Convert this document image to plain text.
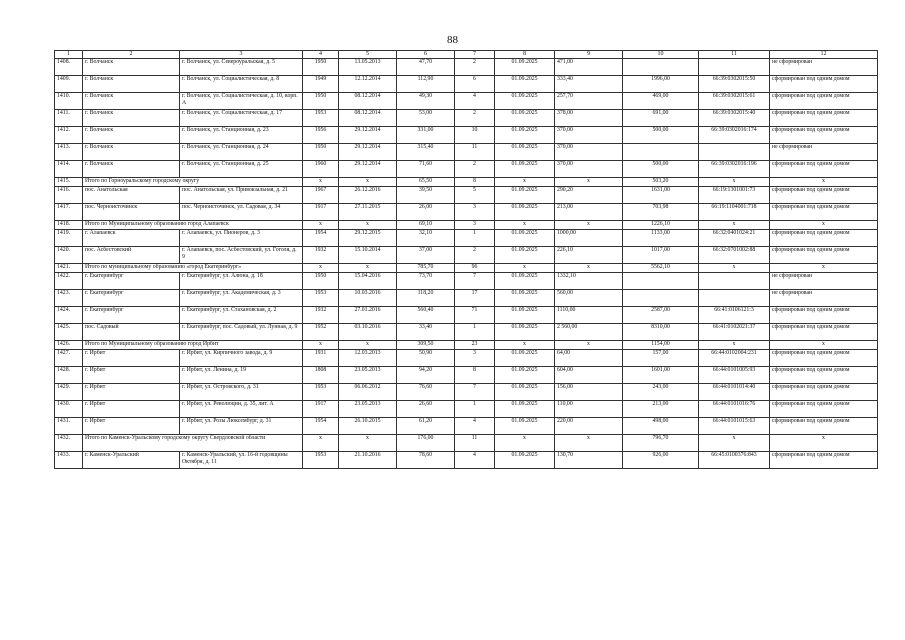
88
1	2	3	4	5	6	7	8	9	10	11	12
1408.	г. Волчанск	г. Волчанск, ул. Североуральская, д. 5	1950	13.05.2013	47,70	2	01.09.2025	471,00			не сформирован
1409.	г. Волчанск	г. Волчанск, ул. Социалистическая, д. 8	1949	12.12.2014	112,90	6	01.09.2025	333,40	1996,00	66:39:0302015:50	сформирован под одним домом
1410.	г. Волчанск	г. Волчанск, ул. Социалистическая, д. 10, корп. А	1950	08.12.2014	49,30	4	01.09.2025	257,70	469,00	66:39:0302015:61	сформирован под одним домом
1411.	г. Волчанск	г. Волчанск, ул. Социалистическая, д. 17	1953	08.12.2014	53,00	2	01.09.2025	378,00	691,00	66:39:0302015:40	сформирован под одним домом
1412.	г. Волчанск	г. Волчанск, ул. Станционная, д. 23	1956	29.12.2014	331,00	10	01.09.2025	370,00	500,00	66:39:0302016:174	сформирован под одним домом
1413.	г. Волчанск	г. Волчанск, ул. Станционная, д. 24	1950	29.12.2014	315,40	11	01.09.2025	370,00			не сформирован
1414.	г. Волчанск	г. Волчанск, ул. Станционная, д. 25	1960	29.12.2014	71,60	2	01.09.2025	370,00	500,00	66:39:0302016:196	сформирован под одним домом
1415.	Итого по Горноуральскому городскому округу		x	x	65,50	8	x	x	503,20	x	x
1416.	пос. Анатольская	пос. Анатольская, ул. Привокзальная, д. 21	1967	26.12.2016	39,50	5	01.09.2025	290,20	1631,00	66:19:1301001:73	сформирован под одним домом
1417.	пос. Черноисточинск	пос. Черноисточинск, ул. Садовая, д. 34	1917	27.11.2015	26,00	3	01.09.2025	213,00	703,98	66:19:1104001:718	сформирован под одним домом
1418.	Итого по Муниципальному образованию город Алапаевск		x	x	69,10	3	x	x	1226,10	x	x
1419.	г. Алапаевск	г. Алапаевск, ул. Пионеров, д. 3	1954	29.12.2015	32,10	1	01.09.2025	1000,00	1133,00	66:32:0401024:21	сформирован под одним домом
1420.	пос. Асбестовский	г. Алапаевск, пос. Асбестовский, ул. Гоголя, д. 9	1932	15.10.2014	37,00	2	01.09.2025	226,10	1017,00	66:32:0701002:88	сформирован под одним домом
1421.	Итого по муниципальному образованию «город Екатеринбург»		x	x	785,70	96	x	x	5562,10	x	x
1422.	г. Екатеринбург	г. Екатеринбург, ул. Алюна, д. 18	1950	15.04.2016	73,70	7	01.09.2025	1332,10			не сформирован
1423.	г. Екатеринбург	г. Екатеринбург, ул. Академическая, д. 3	1953	10.03.2016	118,20	17	01.09.2025	560,00			не сформирован
1424.	г. Екатеринбург	г. Екатеринбург, ул. Стахановская, д. 2	1932	27.01.2016	560,40	71	01.09.2025	1110,00	2587,00	66:41:0106121:3	сформирован под одним домом
1425.	пос. Садовый	г. Екатеринбург, пос. Садовый, ул. Лунная, д. 9	1952	03.10.2016	33,40	1	01.09.2025	2 560,00	8310,00	66:41:0102021:37	сформирован под одним домом
1426.	Итого по Муниципальному образованию город Ирбит		x	x	309,50	23	x	x	1154,00	x	x
1427.	г. Ирбит	г. Ирбит, ул. Кирпичного завода, д. 9	1931	12.03.2013	50,90	3	01.09.2025	64,00	157,00	66:44:0102004:231	сформирован под одним домом
1428.	г. Ирбит	г. Ирбит, ул. Ленина, д. 19	1808	23.05.2013	94,20	8	01.09.2025	604,00	1601,00	66:44:0101005:93	сформирован под одним домом
1429.	г. Ирбит	г. Ирбит, ул. Островского, д. 31	1953	06.06.2012	76,60	7	01.09.2025	156,00	243,00	66:44:0101014:40	сформирован под одним домом
1430.	г. Ирбит	г. Ирбит, ул. Революции, д. 35, лит. А	1917	23.05.2013	26,60	1	01.09.2025	110,00	213,00	66:44:0101016:76	сформирован под одним домом
1431.	г. Ирбит	г. Ирбит, ул. Розы Люксембург, д. 31	1954	26.10.2015	61,20	4	01.09.2025	220,00	498,00	66:44:0101015:63	сформирован под одним домом
1432.	Итого по Каменск-Уральскому городскому округу Свердловской области		x	x	176,00	11	x	x	796,70	x	x
1433.	г. Каменск-Уральский	г. Каменск-Уральский, ул. 16-й годовщины Октября, д. 11	1953	21.10.2016	78,60	4	01.09.2025	130,70	926,00	66:45:0100376:843	сформирован под одним домом
